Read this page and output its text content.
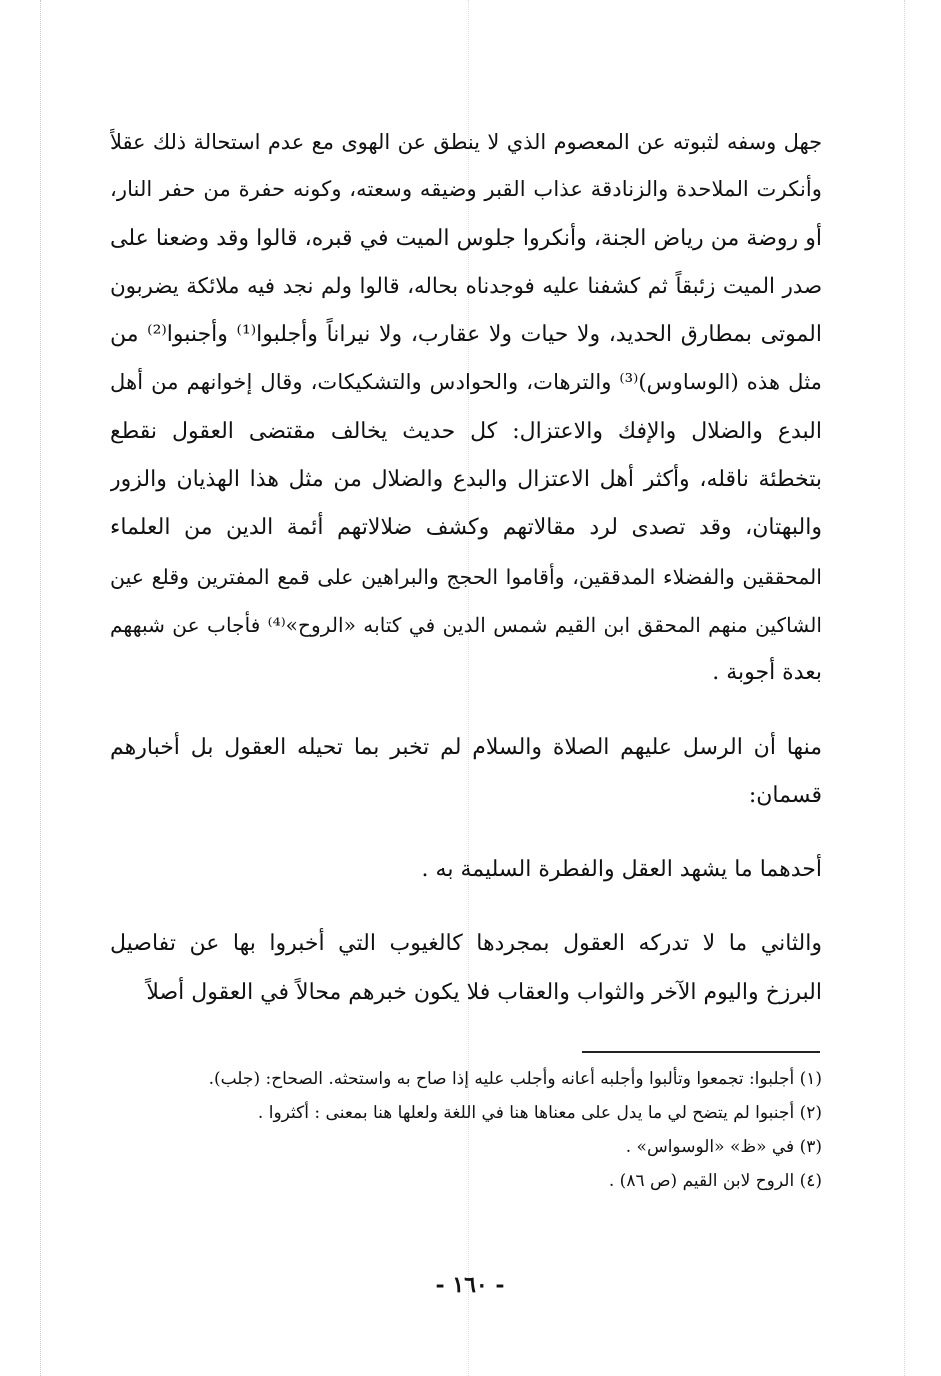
جهل وسفه لثبوته عن المعصوم الذي لا ينطق عن الهوى مع عدم استحالة ذلك عقلاً
وأنكرت الملاحدة والزنادقة عذاب القبر وضيقه وسعته، وكونه حفرة من حفر النار،
أو روضة من رياض الجنة، وأنكروا جلوس الميت في قبره، قالوا وقد وضعنا على
صدر الميت زئبقاً ثم كشفنا عليه فوجدناه بحاله، قالوا ولم نجد فيه ملائكة يضربون
الموتى بمطارق الحديد، ولا حيات ولا عقارب، ولا نيراناً وأجلبوا⁽¹⁾ وأجنبوا⁽²⁾ من
مثل هذه (الوساوس)⁽³⁾ والترهات، والحوادس والتشكيكات، وقال إخوانهم من أهل
البدع والضلال والإفك والاعتزال: كل حديث يخالف مقتضى العقول نقطع
بتخطئة ناقله، وأكثر أهل الاعتزال والبدع والضلال من مثل هذا الهذيان والزور
والبهتان، وقد تصدى لرد مقالاتهم وكشف ضلالاتهم أئمة الدين من العلماء
المحققين والفضلاء المدققين، وأقاموا الحجج والبراهين على قمع المفترين وقلع عين
الشاكين منهم المحقق ابن القيم شمس الدين في كتابه «الروح»⁽⁴⁾ فأجاب عن شبههم
بعدة أجوبة .
منها أن الرسل عليهم الصلاة والسلام لم تخبر بما تحيله العقول بل أخبارهم
قسمان:
أحدهما ما يشهد العقل والفطرة السليمة به .
والثاني ما لا تدركه العقول بمجردها كالغيوب التي أخبروا بها عن تفاصيل
البرزخ واليوم الآخر والثواب والعقاب فلا يكون خبرهم محالاً في العقول أصلاً
(١) أجلبوا: تجمعوا وتألبوا وأجلبه أعانه وأجلب عليه إذا صاح به واستحثه. الصحاح: (جلب).
(٢) أجنبوا لم يتضح لي ما يدل على معناها هنا في اللغة ولعلها هنا بمعنى : أكثروا .
(٣) في «ظ» «الوسواس» .
(٤) الروح لابن القيم (ص ٨٦) .
- ١٦٠ -
